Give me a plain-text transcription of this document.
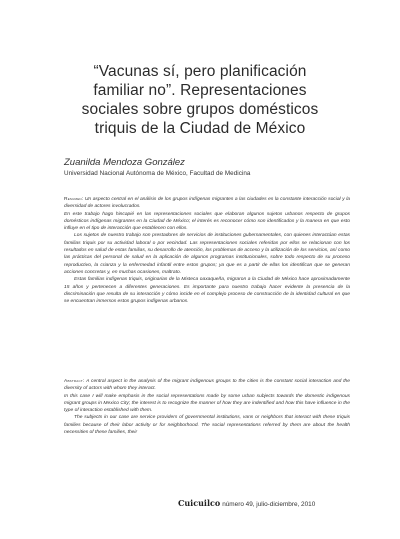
“Vacunas sí, pero planificación
familiar no”. Representaciones
sociales sobre grupos domésticos
triquis de la Ciudad de México
Zuanilda Mendoza González
Universidad Nacional Autónoma de México, Facultad de Medicina

Resumen: Un aspecto central en el análisis de los grupos indígenas migrantes a las ciudades es la constante interacción social y la diversidad de actores involucrados.

En este trabajo hago hincapié en las representaciones sociales que elaboran algunos sujetos urbanos respecto de grupos domésticos indígenas migrantes en la Ciudad de México; el interés es reconocer cómo son identificados y la manera en que esto influye en el tipo de interacción que establecen con ellos.

Los sujetos de nuestro trabajo son prestadores de servicios de instituciones gubernamentales, con quienes interactúan estas familias triquis por su actividad laboral o por vecindad. Las representaciones sociales referidas por ellos se relacionan con los resultados en salud de estas familias, su desarrollo de atención, los problemas de acceso y la utilización de los servicios, así como las prácticas del personal de salud en la aplicación de algunos programas institucionales, sobre todo respecto de su proceso reproductivo, la crianza y la enfermedad infantil entre estos grupos; ya que es a partir de ellas los identifican que se generan acciones concretas y, en muchas ocasiones, maltrato.

Estas familias indígenas triquis, originarias de la Mixteca oaxaqueña, migraron a la Ciudad de México hace aproximadamente 15 años y pertenecen a diferentes generaciones. Es importante para nuestro trabajo hacer evidente la presencia de la discriminación que resulta de su interacción y cómo incide en el complejo proceso de construcción de la identidad cultural en que se encuentran inmersos estos grupos indígenas urbanos.

Abstract: A central aspect in the analysis of the migrant indigenous groups to the cities is the constant social interaction and the diversity of actors with whom they interact.

In this case I will make emphasis in the social representations made by some urban subjects towards the domestic indigenous migrant groups in Mexico City; the interest is to recognize the manner of how they are indentified and how this have influence in the type of interaction established with them.

The subjects in our case are service providers of governmental institutions, vans or neighbors that interact with these triquis families because of their labor activity or for neighborhood. The social representations referred by them are about the health necessities of these families, their

Cuicuilco número 49, julio-diciembre, 2010
